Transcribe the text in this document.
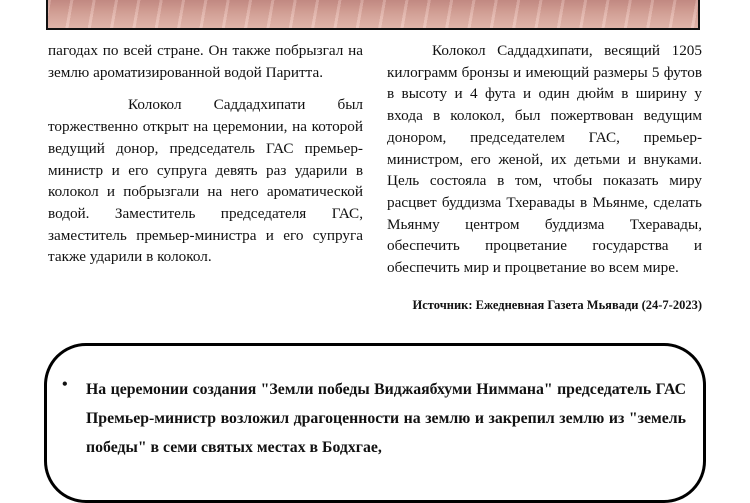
пагодах по всей стране. Он также побрызгал на землю ароматизированной водой Паритта.

Колокол Саддадхипати был торжественно открыт на церемонии, на которой ведущий донор, председатель ГАС премьер-министр и его супруга девять раз ударили в колокол и побрызгали на него ароматической водой. Заместитель председателя ГАС, заместитель премьер-министра и его супруга также ударили в колокол.

Колокол Саддадхипати, весящий 1205 килограмм бронзы и имеющий размеры 5 футов в высоту и 4 фута и один дюйм в ширину у входа в колокол, был пожертвован ведущим донором, председателем ГАС, премьер-министром, его женой, их детьми и внуками. Цель состояла в том, чтобы показать миру расцвет буддизма Тхеравады в Мьянме, сделать Мьянму центром буддизма Тхеравады, обеспечить процветание государства и обеспечить мир и процветание во всем мире.

Источник: Ежедневная Газета Мьявади (24-7-2023)
• На церемонии создания "Земли победы Виджаябхуми Ниммана" председатель ГАС Премьер-министр возложил драгоценности на землю и закрепил землю из "земель победы" в семи святых местах в Бодхгае,
